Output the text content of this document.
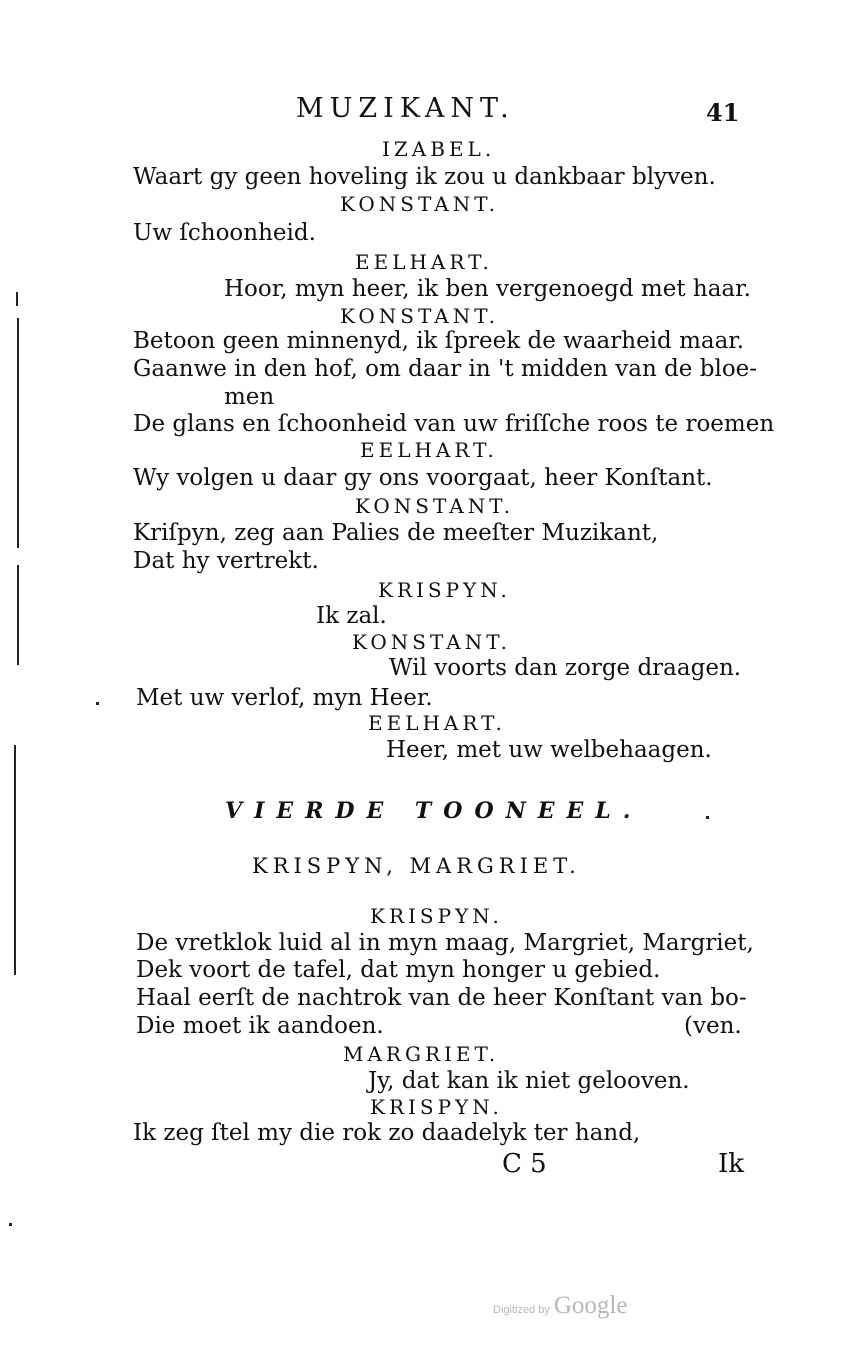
MUZIKANT.	41
IZABEL.
Waart gy geen hoveling ik zou u dankbaar blyven.
KONSTANT.
Uw ſchoonheid.
EELHART.
Hoor, myn heer, ik ben vergenoegd met haar.
KONSTANT.
Betoon geen minnenyd, ik ſpreek de waarheid maar.
Gaanwe in den hof, om daar in 't midden van de bloe-
men
De glans en ſchoonheid van uw friſſche roos te roemen
EELHART.
Wy volgen u daar gy ons voorgaat, heer Konſtant.
KONSTANT.
Kriſpyn, zeg aan Palies de meeſter Muzikant,
Dat hy vertrekt.
KRISPYN.
Ik zal.
KONSTANT.
Wil voorts dan zorge draagen.
Met uw verlof, myn Heer.
EELHART.
Heer, met uw welbehaagen.
VIERDE TOONEEL.
KRISPYN, MARGRIET.
KRISPYN.
De vretklok luid al in myn maag, Margriet, Margriet,
Dek voort de tafel, dat myn honger u gebied.
Haal eerſt de nachtrok van de heer Konſtant van bo-
Die moet ik aandoen.	(ven.
MARGRIET.
Jy, dat kan ik niet gelooven.
KRISPYN.
Ik zeg ſtel my die rok zo daadelyk ter hand,
C 5	Ik
Digitized by Google
